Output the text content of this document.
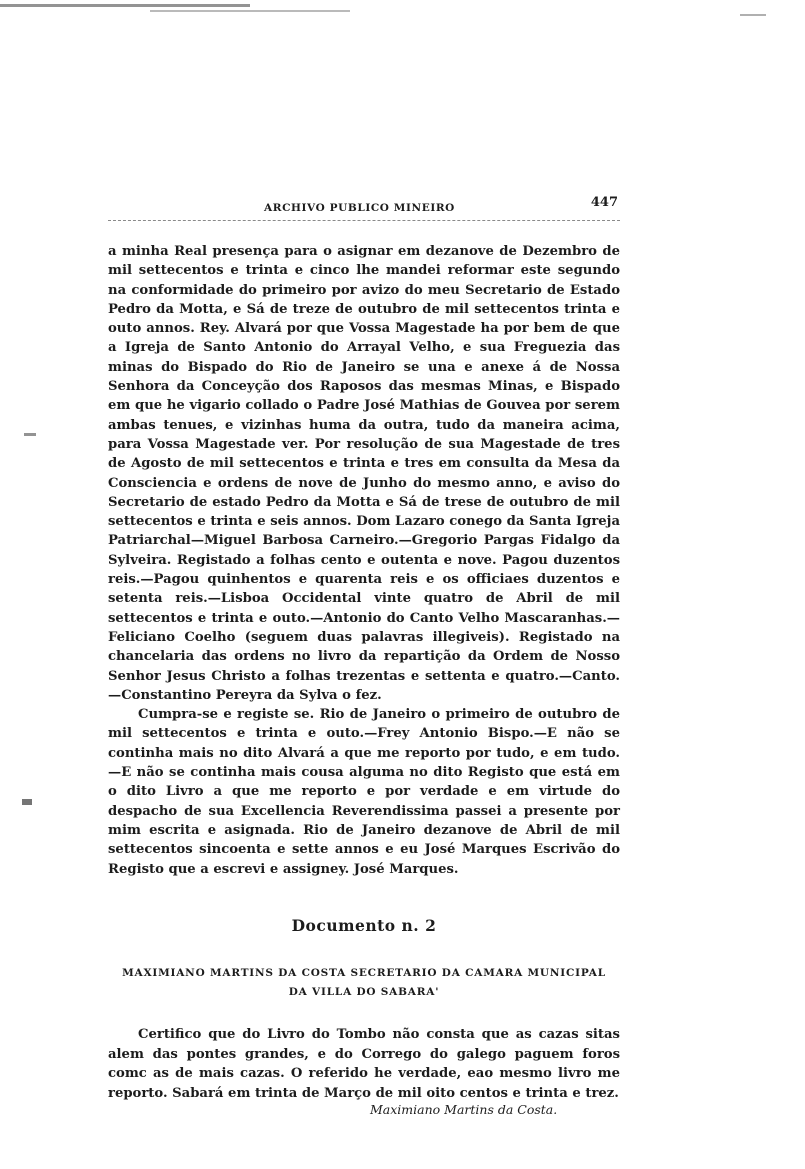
ARCHIVO PUBLICO MINEIRO	447

a minha Real presença para o asignar em dezanove de Dezembro de mil settecentos e trinta e cinco lhe mandei reformar este segundo na conformidade do primeiro por avizo do meu Secretario de Estado Pedro da Motta, e Sá de treze de outubro de mil settecentos trinta e outo annos. Rey. Alvará por que Vossa Magestade ha por bem de que a Igreja de Santo Antonio do Arrayal Velho, e sua Freguezia das minas do Bispado do Rio de Janeiro se una e anexe á de Nossa Senhora da Conceyção dos Raposos das mesmas Minas, e Bispado em que he vigario collado o Padre José Mathias de Gouvea por serem ambas tenues, e vizinhas huma da outra, tudo da maneira acima, para Vossa Magestade ver. Por resolução de sua Magestade de tres de Agosto de mil settecentos e trinta e tres em consulta da Mesa da Consciencia e ordens de nove de Junho do mesmo anno, e aviso do Secretario de estado Pedro da Motta e Sá de trese de outubro de mil settecentos e trinta e seis annos. Dom Lazaro conego da Santa Igreja Patriarchal—Miguel Barbosa Carneiro.—Gregorio Pargas Fidalgo da Sylveira. Registado a folhas cento e outenta e nove. Pagou duzentos reis.—Pagou quinhentos e quarenta reis e os officiaes duzentos e setenta reis.—Lisboa Occidental vinte quatro de Abril de mil settecentos e trinta e outo.—Antonio do Canto Velho Mascaranhas.—Feliciano Coelho (seguem duas palavras illegiveis). Registado na chancelaria das ordens no livro da repartição da Ordem de Nosso Senhor Jesus Christo a folhas trezentas e settenta e quatro.—Canto.—Constantino Pereyra da Sylva o fez.

Cumpra-se e registe se. Rio de Janeiro o primeiro de outubro de mil settecentos e trinta e outo.—Frey Antonio Bispo.—E não se continha mais no dito Alvará a que me reporto por tudo, e em tudo.—E não se continha mais cousa alguma no dito Registo que está em o dito Livro a que me reporto e por verdade e em virtude do despacho de sua Excellencia Reverendissima passei a presente por mim escrita e asignada. Rio de Janeiro dezanove de Abril de mil settecentos sincoenta e sette annos e eu José Marques Escrivão do Registo que a escrevi e assigney. José Marques.

Documento n. 2
MAXIMIANO MARTINS DA COSTA SECRETARIO DA CAMARA MUNICIPAL
DA VILLA DO SABARA'

Certifico que do Livro do Tombo não consta que as cazas sitas alem das pontes grandes, e do Corrego do galego paguem foros comc as de mais cazas. O referido he verdade, eao mesmo livro me reporto. Sabará em trinta de Março de mil oito centos e trinta e trez.

Maximiano Martins da Costa.
